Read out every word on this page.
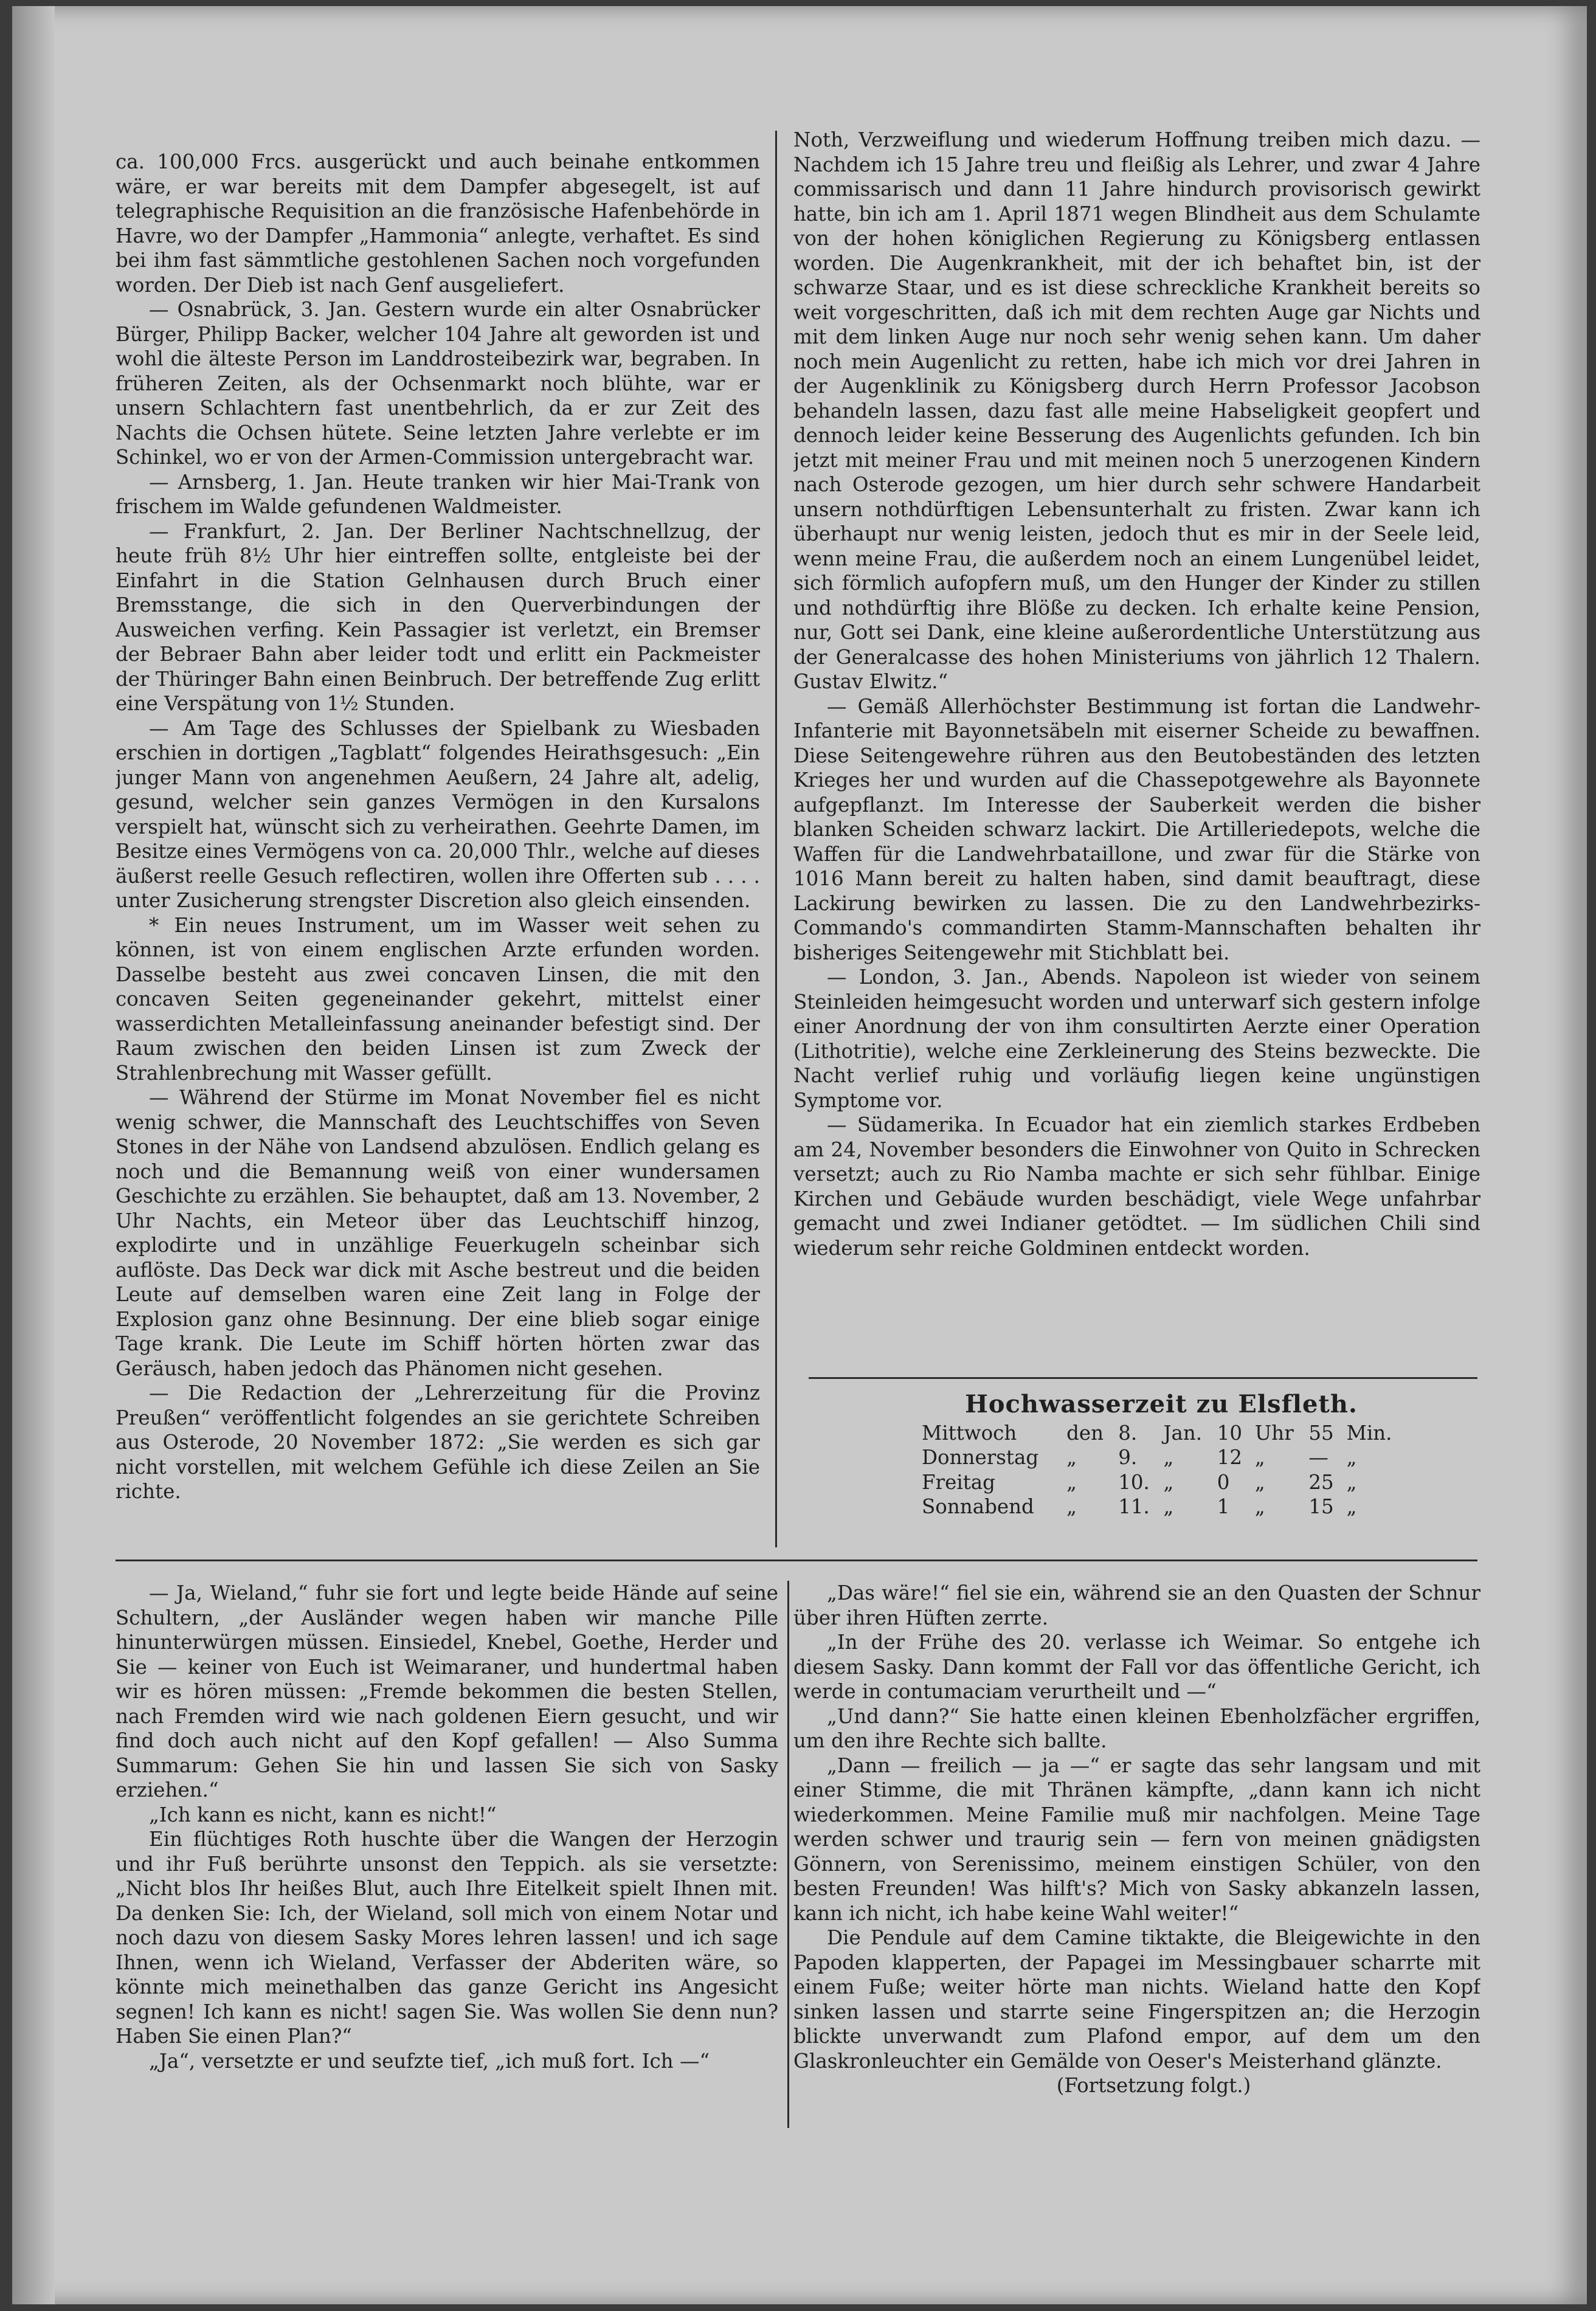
ca. 100,000 Frcs. ausgerückt und auch beinahe entkommen wäre, er war bereits mit dem Dampfer abgesegelt, ist auf telegraphische Requisition an die französische Hafenbehörde in Havre, wo der Dampfer „Hammonia“ anlegte, verhaftet. Es sind bei ihm fast sämmtliche gestohlenen Sachen noch vorgefunden worden. Der Dieb ist nach Genf ausgeliefert.

— Osnabrück, 3. Jan. Gestern wurde ein alter Osnabrücker Bürger, Philipp Backer, welcher 104 Jahre alt geworden ist und wohl die älteste Person im Landdrosteibezirk war, begraben. In früheren Zeiten, als der Ochsenmarkt noch blühte, war er unsern Schlachtern fast unentbehrlich, da er zur Zeit des Nachts die Ochsen hütete. Seine letzten Jahre verlebte er im Schinkel, wo er von der Armen-Commission untergebracht war.

— Arnsberg, 1. Jan. Heute tranken wir hier Mai-Trank von frischem im Walde gefundenen Waldmeister.

— Frankfurt, 2. Jan. Der Berliner Nachtschnellzug, der heute früh 8½ Uhr hier eintreffen sollte, entgleiste bei der Einfahrt in die Station Gelnhausen durch Bruch einer Bremsstange, die sich in den Querverbindungen der Ausweichen verfing. Kein Passagier ist verletzt, ein Bremser der Bebraer Bahn aber leider todt und erlitt ein Packmeister der Thüringer Bahn einen Beinbruch. Der betreffende Zug erlitt eine Verspätung von 1½ Stunden.

— Am Tage des Schlusses der Spielbank zu Wiesbaden erschien in dortigen „Tagblatt“ folgendes Heirathsgesuch: „Ein junger Mann von angenehmen Aeußern, 24 Jahre alt, adelig, gesund, welcher sein ganzes Vermögen in den Kursalons verspielt hat, wünscht sich zu verheirathen. Geehrte Damen, im Besitze eines Vermögens von ca. 20,000 Thlr., welche auf dieses äußerst reelle Gesuch reflectiren, wollen ihre Offerten sub . . . . unter Zusicherung strengster Discretion also gleich einsenden.

* Ein neues Instrument, um im Wasser weit sehen zu können, ist von einem englischen Arzte erfunden worden. Dasselbe besteht aus zwei concaven Linsen, die mit den concaven Seiten gegeneinander gekehrt, mittelst einer wasserdichten Metalleinfassung aneinander befestigt sind. Der Raum zwischen den beiden Linsen ist zum Zweck der Strahlenbrechung mit Wasser gefüllt.

— Während der Stürme im Monat November fiel es nicht wenig schwer, die Mannschaft des Leuchtschiffes von Seven Stones in der Nähe von Landsend abzulösen. Endlich gelang es noch und die Bemannung weiß von einer wundersamen Geschichte zu erzählen. Sie behauptet, daß am 13. November, 2 Uhr Nachts, ein Meteor über das Leuchtschiff hinzog, explodirte und in unzählige Feuerkugeln scheinbar sich auflöste. Das Deck war dick mit Asche bestreut und die beiden Leute auf demselben waren eine Zeit lang in Folge der Explosion ganz ohne Besinnung. Der eine blieb sogar einige Tage krank. Die Leute im Schiff hörten hörten zwar das Geräusch, haben jedoch das Phänomen nicht gesehen.

— Die Redaction der „Lehrerzeitung für die Provinz Preußen“ veröffentlicht folgendes an sie gerichtete Schreiben aus Osterode, 20 November 1872: „Sie werden es sich gar nicht vorstellen, mit welchem Gefühle ich diese Zeilen an Sie richte.

Noth, Verzweiflung und wiederum Hoffnung treiben mich dazu. — Nachdem ich 15 Jahre treu und fleißig als Lehrer, und zwar 4 Jahre commissarisch und dann 11 Jahre hindurch provisorisch gewirkt hatte, bin ich am 1. April 1871 wegen Blindheit aus dem Schulamte von der hohen königlichen Regierung zu Königsberg entlassen worden. Die Augenkrankheit, mit der ich behaftet bin, ist der schwarze Staar, und es ist diese schreckliche Krankheit bereits so weit vorgeschritten, daß ich mit dem rechten Auge gar Nichts und mit dem linken Auge nur noch sehr wenig sehen kann. Um daher noch mein Augenlicht zu retten, habe ich mich vor drei Jahren in der Augenklinik zu Königsberg durch Herrn Professor Jacobson behandeln lassen, dazu fast alle meine Habseligkeit geopfert und dennoch leider keine Besserung des Augenlichts gefunden. Ich bin jetzt mit meiner Frau und mit meinen noch 5 unerzogenen Kindern nach Osterode gezogen, um hier durch sehr schwere Handarbeit unsern nothdürftigen Lebensunterhalt zu fristen. Zwar kann ich überhaupt nur wenig leisten, jedoch thut es mir in der Seele leid, wenn meine Frau, die außerdem noch an einem Lungenübel leidet, sich förmlich aufopfern muß, um den Hunger der Kinder zu stillen und nothdürftig ihre Blöße zu decken. Ich erhalte keine Pension, nur, Gott sei Dank, eine kleine außerordentliche Unterstützung aus der Generalcasse des hohen Ministeriums von jährlich 12 Thalern. Gustav Elwitz.“

— Gemäß Allerhöchster Bestimmung ist fortan die Landwehr-Infanterie mit Bayonnetsäbeln mit eiserner Scheide zu bewaffnen. Diese Seitengewehre rühren aus den Beutobeständen des letzten Krieges her und wurden auf die Chassepotgewehre als Bayonnete aufgepflanzt. Im Interesse der Sauberkeit werden die bisher blanken Scheiden schwarz lackirt. Die Artilleriedepots, welche die Waffen für die Landwehrbataillone, und zwar für die Stärke von 1016 Mann bereit zu halten haben, sind damit beauftragt, diese Lackirung bewirken zu lassen. Die zu den Landwehrbezirks-Commando's commandirten Stamm-Mannschaften behalten ihr bisheriges Seitengewehr mit Stichblatt bei.

— London, 3. Jan., Abends. Napoleon ist wieder von seinem Steinleiden heimgesucht worden und unterwarf sich gestern infolge einer Anordnung der von ihm consultirten Aerzte einer Operation (Lithotritie), welche eine Zerkleinerung des Steins bezweckte. Die Nacht verlief ruhig und vorläufig liegen keine ungünstigen Symptome vor.

— Südamerika. In Ecuador hat ein ziemlich starkes Erdbeben am 24, November besonders die Einwohner von Quito in Schrecken versetzt; auch zu Rio Namba machte er sich sehr fühlbar. Einige Kirchen und Gebäude wurden beschädigt, viele Wege unfahrbar gemacht und zwei Indianer getödtet. — Im südlichen Chili sind wiederum sehr reiche Goldminen entdeckt worden.

Hochwasserzeit zu Elsfleth.
Mittwoch	den	8.	Jan.	10	Uhr	55	Min.
Donnerstag	„	9.	„	12	„	—	„
Freitag	„	10.	„	0	„	25	„
Sonnabend	„	11.	„	1	„	15	„

— Ja, Wieland,“ fuhr sie fort und legte beide Hände auf seine Schultern, „der Ausländer wegen haben wir manche Pille hinunterwürgen müssen. Einsiedel, Knebel, Goethe, Herder und Sie — keiner von Euch ist Weimaraner, und hundertmal haben wir es hören müssen: „Fremde bekommen die besten Stellen, nach Fremden wird wie nach goldenen Eiern gesucht, und wir find doch auch nicht auf den Kopf gefallen! — Also Summa Summarum: Gehen Sie hin und lassen Sie sich von Sasky erziehen.“

„Ich kann es nicht, kann es nicht!“

Ein flüchtiges Roth huschte über die Wangen der Herzogin und ihr Fuß berührte unsonst den Teppich. als sie versetzte: „Nicht blos Ihr heißes Blut, auch Ihre Eitelkeit spielt Ihnen mit. Da denken Sie: Ich, der Wieland, soll mich von einem Notar und noch dazu von diesem Sasky Mores lehren lassen! und ich sage Ihnen, wenn ich Wieland, Verfasser der Abderiten wäre, so könnte mich meinethalben das ganze Gericht ins Angesicht segnen! Ich kann es nicht! sagen Sie. Was wollen Sie denn nun? Haben Sie einen Plan?“

„Ja“, versetzte er und seufzte tief, „ich muß fort. Ich —“

„Das wäre!“ fiel sie ein, während sie an den Quasten der Schnur über ihren Hüften zerrte.

„In der Frühe des 20. verlasse ich Weimar. So entgehe ich diesem Sasky. Dann kommt der Fall vor das öffentliche Gericht, ich werde in contumaciam verurtheilt und —“

„Und dann?“ Sie hatte einen kleinen Ebenholzfächer ergriffen, um den ihre Rechte sich ballte.

„Dann — freilich — ja —“ er sagte das sehr langsam und mit einer Stimme, die mit Thränen kämpfte, „dann kann ich nicht wiederkommen. Meine Familie muß mir nachfolgen. Meine Tage werden schwer und traurig sein — fern von meinen gnädigsten Gönnern, von Serenissimo, meinem einstigen Schüler, von den besten Freunden! Was hilft's? Mich von Sasky abkanzeln lassen, kann ich nicht, ich habe keine Wahl weiter!“

Die Pendule auf dem Camine tiktakte, die Bleigewichte in den Papoden klapperten, der Papagei im Messingbauer scharrte mit einem Fuße; weiter hörte man nichts. Wieland hatte den Kopf sinken lassen und starrte seine Fingerspitzen an; die Herzogin blickte unverwandt zum Plafond empor, auf dem um den Glaskronleuchter ein Gemälde von Oeser's Meisterhand glänzte.

(Fortsetzung folgt.)
